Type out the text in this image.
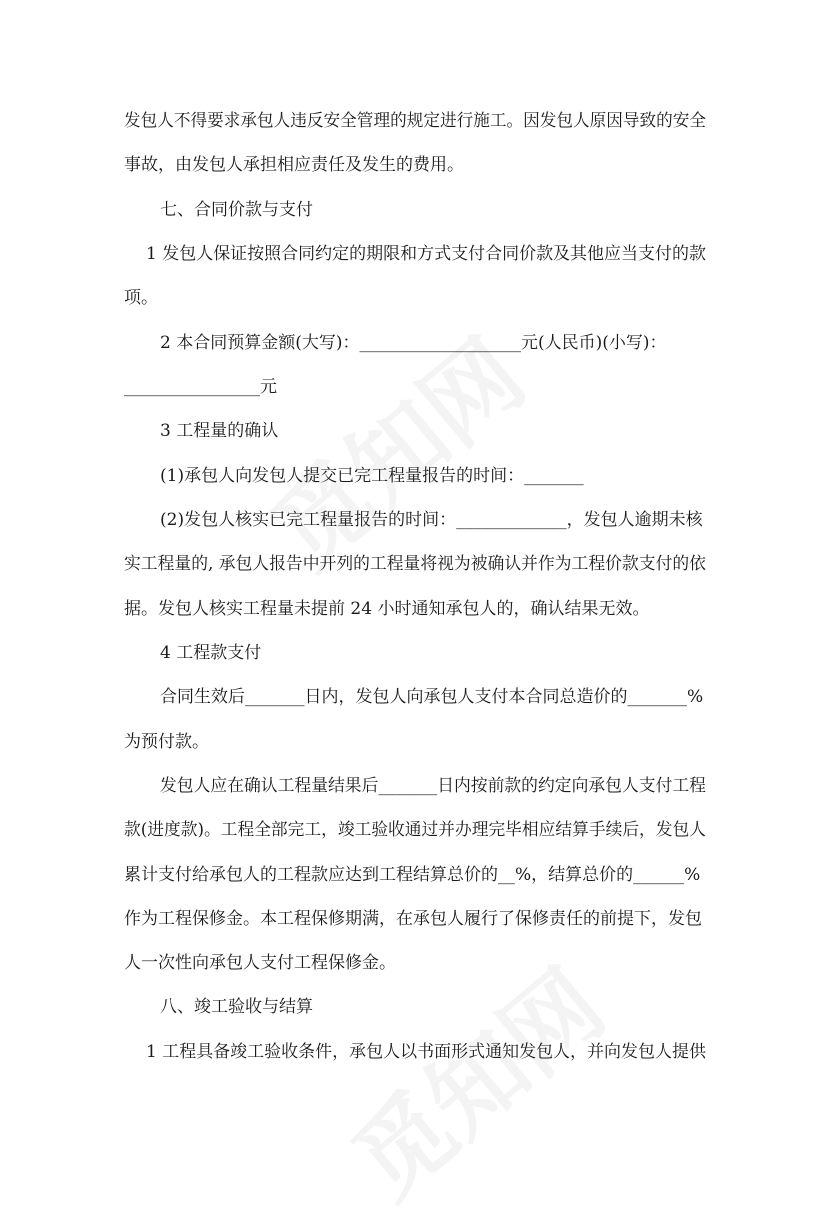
发包人不得要求承包人违反安全管理的规定进行施工。因发包人原因导致的安全
事故，由发包人承担相应责任及发生的费用。
七、合同价款与支付
1 发包人保证按照合同约定的期限和方式支付合同价款及其他应当支付的款
项。
2 本合同预算金额(大写)：___________________元(人民币)(小写)：
________________元
3 工程量的确认
(1)承包人向发包人提交已完工程量报告的时间：_______
(2)发包人核实已完工程量报告的时间：_____________，发包人逾期未核
实工程量的, 承包人报告中开列的工程量将视为被确认并作为工程价款支付的依
据。发包人核实工程量未提前 24 小时通知承包人的，确认结果无效。
4 工程款支付
合同生效后_______日内，发包人向承包人支付本合同总造价的_______%
为预付款。
发包人应在确认工程量结果后_______日内按前款的约定向承包人支付工程
款(进度款)。工程全部完工，竣工验收通过并办理完毕相应结算手续后，发包人
累计支付给承包人的工程款应达到工程结算总价的__%，结算总价的______%
作为工程保修金。本工程保修期满，在承包人履行了保修责任的前提下，发包
人一次性向承包人支付工程保修金。
八、竣工验收与结算
1 工程具备竣工验收条件，承包人以书面形式通知发包人，并向发包人提供
